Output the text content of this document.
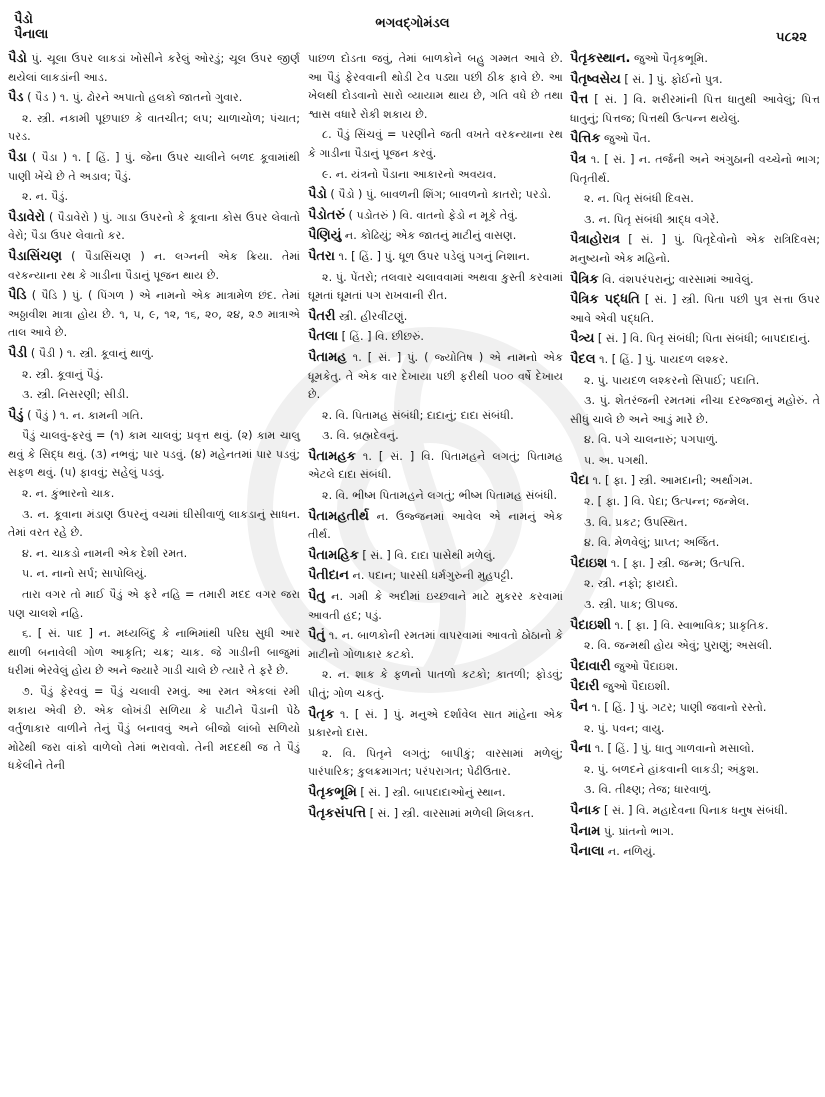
પૈડો
પૈનાલા
ભગવદ્ગોમંડલ
૫૮૨૨

પૈડો પું. ચૂલા ઉપર લાકડાં ખોસીને કરેલું ઓરડું; ચૂલ ઉપર જીર્ણ થયેલાં લાકડાંની આડ.

પૈડ ( પૈડ ) ૧. પું. ઢોરને અપાતો હલકો જાતનો ગુવાર.

૨. સ્ત્રી. નકામી પૂછપાછ કે વાતચીત; લપ; ચાળાચોળ; પંચાત; પરડ.

પૈડા ( પૈડા ) ૧. [ હિં. ] પું. જેના ઉપર ચાલીને બળદ કૂવામાંથી પાણી ખેંચે છે તે અડાવ; પૈડું.

૨. ન. પૈડું.

પૈડાવેરો ( પૈડાવેરો ) પું. ગાડા ઉપરનો કે કૂવાના કોસ ઉપર લેવાતો વેરો; પૈડા ઉપર લેવાતો કર.

પૈડાસિંચણ ( પૈડાસિંચણ ) ન. લગ્નની એક ક્રિયા. તેમાં વરકન્યાના રથ કે ગાડીના પૈડાનું પૂજન થાય છે.

પૈડિ ( પૈડિ ) પું. ( પિંગળ ) એ નામનો એક માત્રામેળ છંદ. તેમાં અઠ્ઠાવીશ માત્રા હોય છે. ૧, ૫, ૯, ૧૨, ૧૬, ૨૦, ૨૪, ૨૭ માત્રાએ તાલ આવે છે.

પૈડી ( પૈડી ) ૧. સ્ત્રી. કૂવાનું થાળું.

૨. સ્ત્રી. કૂવાનું પૈડું.

૩. સ્ત્રી. નિસરણી; સીડી.

પૈડું ( પૈડું ) ૧. ન. કામની ગતિ.

પૈડું ચાલવું-ફરવું = (૧) કામ ચાલવું; પ્રવૃત્ત થવું. (૨) કામ ચાલુ થવું કે સિદ્ધ થવું. (૩) નભવું; પાર પડવું. (૪) મહેનતમાં પાર પડવું; સફળ થવું. (૫) ફાવવું; સહેલું પડવું.

૨. ન. કુંભારનો ચાક.

૩. ન. કૂવાના મંડાણ ઉપરનું વચમાં ઘીસીવાળું લાકડાનું સાધન. તેમાં વરત રહે છે.

૪. ન. ચાકડો નામની એક દેશી રમત.

૫. ન. નાનો સર્પ; સાપોલિયું.

તારા વગર તો માઈ પૈડું એ ફરે નહિ = તમારી મદદ વગર જરા પણ ચાલશે નહિ.

૬. [ સં. પાદ ] ન. મધ્યબિંદુ કે નાભિમાંથી પરિઘ સુધી આર થાળી બનાવેલી ગોળ આકૃતિ; ચક્ર; ચાક. જે ગાડીની બાજુમાં ધરીમાં ભેરવેલું હોય છે અને જ્યારે ગાડી ચાલે છે ત્યારે તે ફરે છે.

૭. પૈડું ફેરવવું = પૈડું ચલાવી રમવું. આ રમત એકલાં રમી શકાય એવી છે. એક લોખંડી સળિયા કે પાટીને પૈડાની પેઠે વર્તુળાકાર વાળીને તેનું પૈડું બનાવવું અને બીજો લાંબો સળિયો મોઢેથી જરા વાંકો વાળેલો તેમાં ભરાવવો. તેની મદદથી જ તે પૈડું ધકેલીને તેની

પાછળ દોડતા જવું, તેમાં બાળકોને બહુ ગમ્મત આવે છે. આ પૈડું ફેરવવાની થોડી ટેવ પડ્યા પછી ઠીક ફાવે છે. આ ખેલથી દોડવાનો સારો વ્યાયામ થાય છે, ગતિ વધે છે તથા શ્વાસ વધારે રોકી શકાય છે.

૮. પૈડું સિંચવું = પરણીને જતી વખતે વરકન્યાના રથ કે ગાડીના પૈડાનું પૂજન કરવું.

૯. ન. યંત્રનો પૈડાના આકારનો અવયવ.

પૈડો ( પૈડો ) પું. બાવળની શિંગ; બાવળનો કાતરો; પરડો.

પૈડોતરું ( પડોતરું ) વિ. વાતનો ફેડો ન મૂકે તેવું.

પૈણિયું ન. કોઢિયું; એક જાતનું માટીનું વાસણ.

પૈતરા ૧. [ હિં. ] પું. ધૂળ ઉપર પડેલું પગનું નિશાન.

૨. પું. પેંતરો; તલવાર ચલાવવામાં અથવા કુસ્તી કરવામાં ઘૂમતાં ઘૂમતાં પગ રાખવાની રીત.

પૈતરી સ્ત્રી. હીરવીંટણું.

પૈતલા [ હિં. ] વિ. છીછરું.

પૈતામહ ૧. [ સં. ] પું. ( જ્યોતિષ ) એ નામનો એક ધૂમકેતુ. તે એક વાર દેખાયા પછી ફરીથી ૫૦૦ વર્ષે દેખાય છે.

૨. વિ. પિતામહ સંબંધી; દાદાનું; દાદા સંબંધી.

૩. વિ. બ્રહ્મદેવનું.

પૈતામહક ૧. [ સં. ] વિ. પિતામહને લગતું; પિતામહ એટલે દાદા સંબંધી.

૨. વિ. ભીષ્મ પિતામહને લગતું; ભીષ્મ પિતામહ સંબંધી.

પૈતામહતીર્થ ન. ઉજ્જનમાં આવેલ એ નામનું એક તીર્થ.

પૈતામહિક [ સં. ] વિ. દાદા પાસેથી મળેલું.

પૈતીદાન ન. પદાન; પારસી ધર્મગુરુની મુહપટ્ટી.

પૈતુ ન. ગમી કે અદીમાં ઇચ્છવાને માટે મુકરર કરવામાં આવતી હદ; પડું.

પૈતું ૧. ન. બાળકોની રમતમાં વાપરવામાં આવતો ઠોઠાનો કે માટીનો ગોળાકાર કટકો.

૨. ન. શાક કે ફળનો પાતળો કટકો; કાતળી; ફોડવું; પીતું; ગોળ ચકતું.

પૈતૃક ૧. [ સં. ] પું. મનુએ દર્શાવેલ સાત માંહેના એક પ્રકારનો દાસ.

૨. વિ. પિતૃને લગતું; બાપીકું; વારસામાં મળેલું; પારંપારિક; કુલક્રમાગત; પરંપરાગત; પેઢીઉતાર.

પૈતૃકભૂમિ [ સં. ] સ્ત્રી. બાપદાદાઓનું સ્થાન.

પૈતૃકસંપત્તિ [ સં. ] સ્ત્રી. વારસામાં મળેલી મિલકત.

પૈતૃકસ્થાન. જુઓ પૈતૃકભૂમિ.

પૈતૃષ્વસેય [ સં. ] પું. ફોઈનો પુત્ર.

પૈત્ત [ સં. ] વિ. શરીરમાંની પિત્ત ધાતુથી આવેલું; પિત્ત ધાતુનું; પિત્તજ; પિત્તથી ઉત્પન્ન થયેલું.

પૈત્તિક જુઓ પૈત.

પૈત્ર ૧. [ સં. ] ન. તર્જની અને અંગુઠાની વચ્ચેનો ભાગ; પિતૃતીર્થ.

૨. ન. પિતૃ સંબંધી દિવસ.

૩. ન. પિતૃ સંબંધી શ્રાદ્ધ વગેરે.

પૈત્રાહોરાત્ર [ સં. ] પું. પિતૃદેવોનો એક રાત્રિદિવસ; મનુષ્યનો એક મહિનો.

પૈત્રિક વિ. વંશપરંપરાનું; વારસામાં આવેલું.

પૈત્રિક પદ્ધતિ [ સં. ] સ્ત્રી. પિતા પછી પુત્ર સત્તા ઉપર આવે એવી પદ્ધતિ.

પૈત્ર્ય [ સં. ] વિ. પિતૃ સંબંધી; પિતા સંબંધી; બાપદાદાનું.

પૈદલ ૧. [ હિં. ] પું. પાયદળ લશ્કર.

૨. પું. પાયદળ લશ્કરનો સિપાઈ; પદાતિ.

૩. પું. શેતરંજની રમતમાં નીચા દરજ્જાનું મહોરું. તે સીધું ચાલે છે અને આડું મારે છે.

૪. વિ. પગે ચાલનારું; પગપાળું.

૫. અ. પગથી.

પૈદા ૧. [ ફા. ] સ્ત્રી. આમદાની; અર્થાગમ.

૨. [ ફા. ] વિ. પેદા; ઉત્પન્ન; જન્મેલ.

૩. વિ. પ્રકટ; ઉપસ્થિત.

૪. વિ. મેળવેલું; પ્રાપ્ત; અર્જિત.

પૈદાઇશ ૧. [ ફા. ] સ્ત્રી. જન્મ; ઉત્પત્તિ.

૨. સ્ત્રી. નફો; ફાયદો.

૩. સ્ત્રી. પાક; ઊપજ.

પૈદાઇશી ૧. [ ફા. ] વિ. સ્વાભાવિક; પ્રાકૃતિક.

૨. વિ. જન્મથી હોય એવું; પુરાણું; અસલી.

પૈદાવારી જુઓ પૈદાઇશ.

પૈદારી જુઓ પૈદાઇશી.

પૈન ૧. [ હિં. ] પું. ગટર; પાણી જવાનો રસ્તો.

૨. પું. પવન; વાયુ.

પૈના ૧. [ હિં. ] પું. ધાતુ ગાળવાનો મસાલો.

૨. પું. બળદને હાંકવાની લાકડી; અંકુશ.

૩. વિ. તીક્ષ્ણ; તેજ; ધારવાળું.

પૈનાક [ સં. ] વિ. મહાદેવના પિનાક ધનુષ સંબંધી.

પૈનામ પું. પ્રાંતનો ભાગ.

પૈનાલા ન. નળિયું.
